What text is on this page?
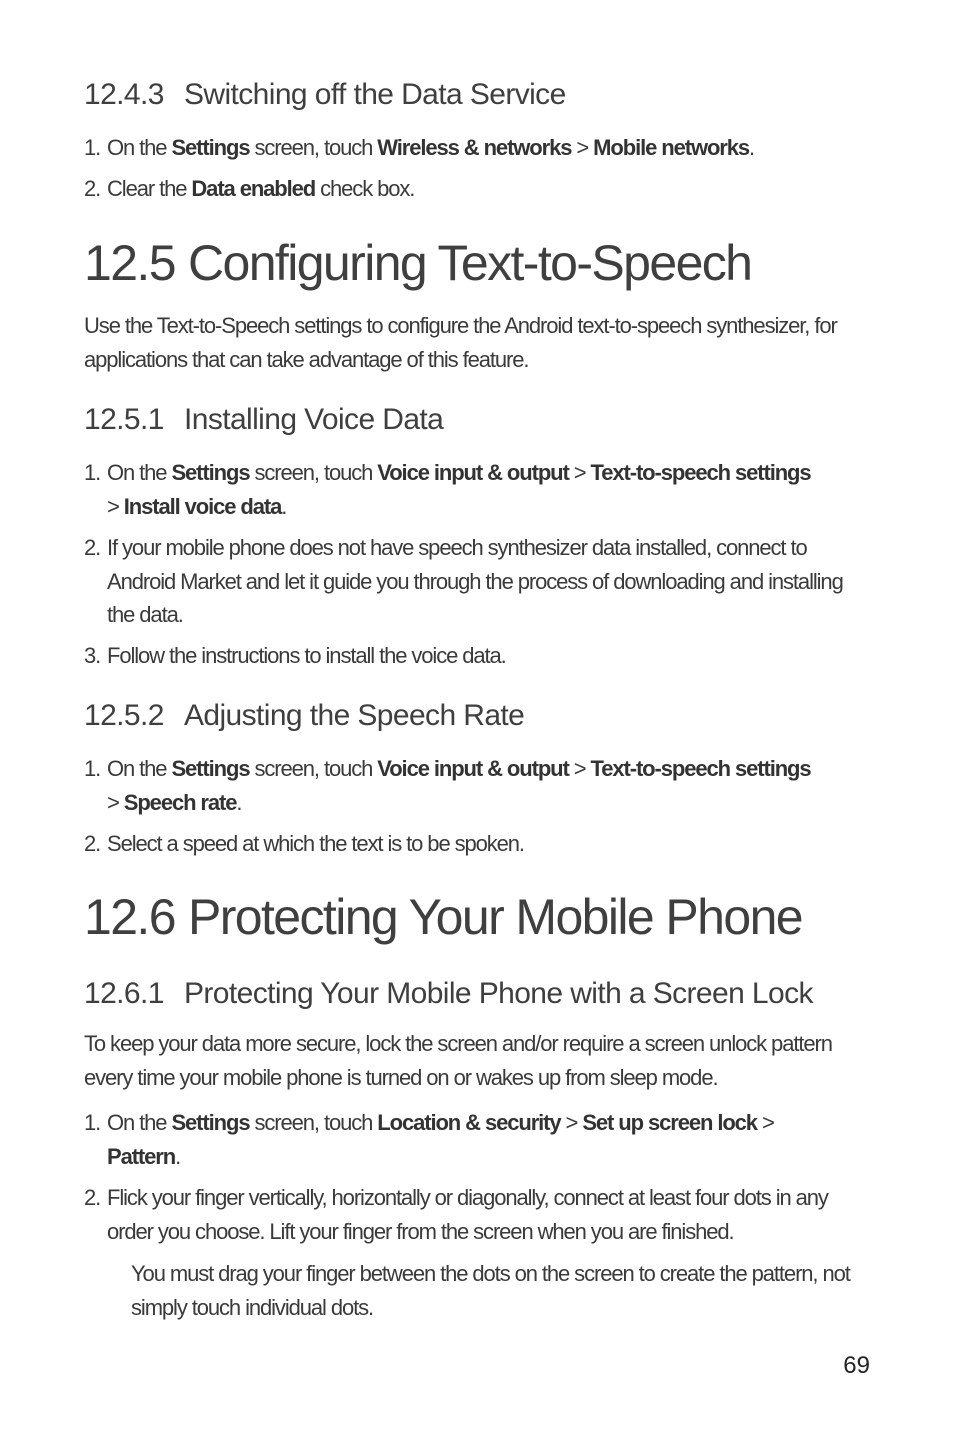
12.4.3 Switching off the Data Service
1. On the Settings screen, touch Wireless & networks > Mobile networks.
2. Clear the Data enabled check box.
12.5 Configuring Text-to-Speech

Use the Text-to-Speech settings to configure the Android text-to-speech synthesizer, for applications that can take advantage of this feature.

12.5.1 Installing Voice Data
1. On the Settings screen, touch Voice input & output > Text-to-speech settings
> Install voice data.
2. If your mobile phone does not have speech synthesizer data installed, connect to Android Market and let it guide you through the process of downloading and installing the data.
3. Follow the instructions to install the voice data.
12.5.2 Adjusting the Speech Rate
1. On the Settings screen, touch Voice input & output > Text-to-speech settings
> Speech rate.
2. Select a speed at which the text is to be spoken.
12.6 Protecting Your Mobile Phone
12.6.1 Protecting Your Mobile Phone with a Screen Lock

To keep your data more secure, lock the screen and/or require a screen unlock pattern every time your mobile phone is turned on or wakes up from sleep mode.

1. On the Settings screen, touch Location & security > Set up screen lock >
Pattern.
2. Flick your finger vertically, horizontally or diagonally, connect at least four dots in any order you choose. Lift your finger from the screen when you are finished.
You must drag your finger between the dots on the screen to create the pattern, not simply touch individual dots.
69
